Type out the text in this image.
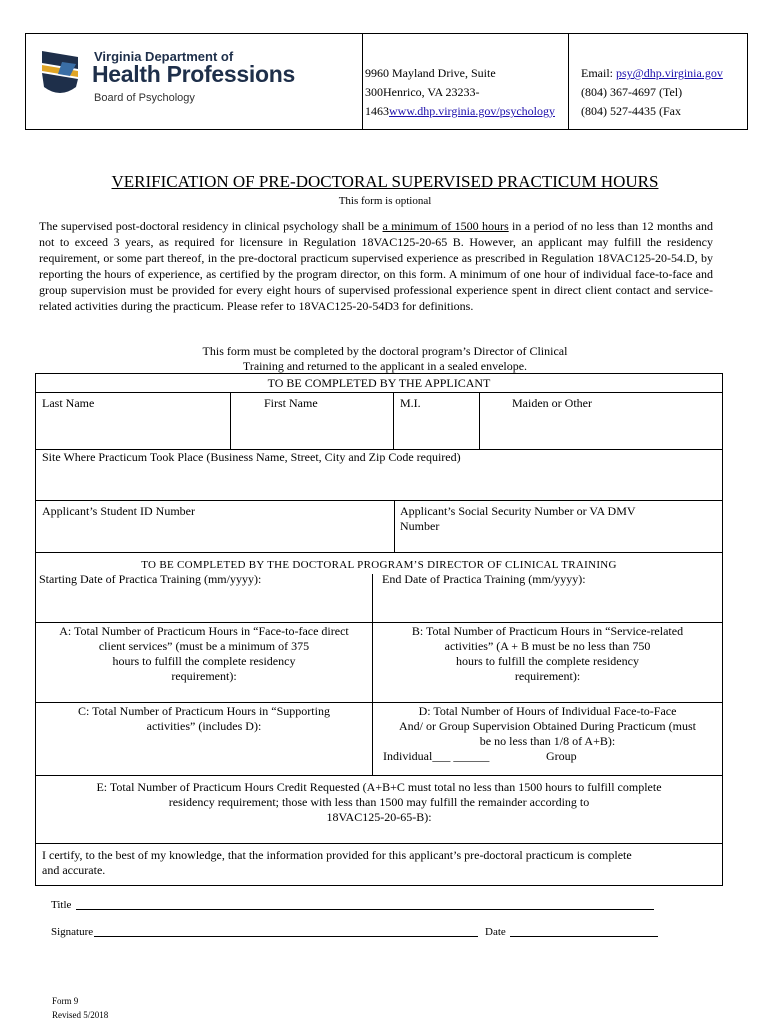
Virginia Department of
Health Professions
Board of Psychology
9960 Mayland Drive, Suite
300Henrico, VA 23233-
1463www.dhp.virginia.gov/psychology
Email: psy@dhp.virginia.gov
(804) 367-4697 (Tel)
(804) 527-4435 (Fax
VERIFICATION OF PRE-DOCTORAL SUPERVISED PRACTICUM HOURS
This form is optional
The supervised post-doctoral residency in clinical psychology shall be a minimum of 1500 hours in a period of no less than 12 months and not to exceed 3 years, as required for licensure in Regulation 18VAC125-20-65 B. However, an applicant may fulfill the residency requirement, or some part thereof, in the pre-doctoral practicum supervised experience as prescribed in Regulation 18VAC125-20-54.D, by reporting the hours of experience, as certified by the program director, on this form. A minimum of one hour of individual face-to-face and group supervision must be provided for every eight hours of supervised professional experience spent in direct client contact and service-related activities during the practicum. Please refer to 18VAC125-20-54D3 for definitions.
This form must be completed by the doctoral program’s Director of Clinical
Training and returned to the applicant in a sealed envelope.
TO BE COMPLETED BY THE APPLICANT
Last Name	First Name	M.I.	Maiden or Other
Site Where Practicum Took Place (Business Name, Street, City and Zip Code required)
Applicant’s Student ID Number	Applicant’s Social Security Number or VA DMV
Number
TO BE COMPLETED BY THE DOCTORAL PROGRAM’S DIRECTOR OF CLINICAL TRAINING
Starting Date of Practica Training (mm/yyyy):	End Date of Practica Training (mm/yyyy):
A: Total Number of Practicum Hours in “Face-to-face direct
client services” (must be a minimum of 375
hours to fulfill the complete residency
requirement):
B: Total Number of Practicum Hours in “Service-related
activities” (A + B must be no less than 750
hours to fulfill the complete residency
requirement):
C: Total Number of Practicum Hours in “Supporting
activities” (includes D):
D: Total Number of Hours of Individual Face-to-Face
And/ or Group Supervision Obtained During Practicum (must
be no less than 1/8 of A+B):
Individual___ ______	Group
E: Total Number of Practicum Hours Credit Requested (A+B+C must total no less than 1500 hours to fulfill complete
residency requirement; those with less than 1500 may fulfill the remainder according to
18VAC125-20-65-B):
I certify, to the best of my knowledge, that the information provided for this applicant’s pre-doctoral practicum is complete
and accurate.
Title
Signature	Date
Form 9
Revised 5/2018
